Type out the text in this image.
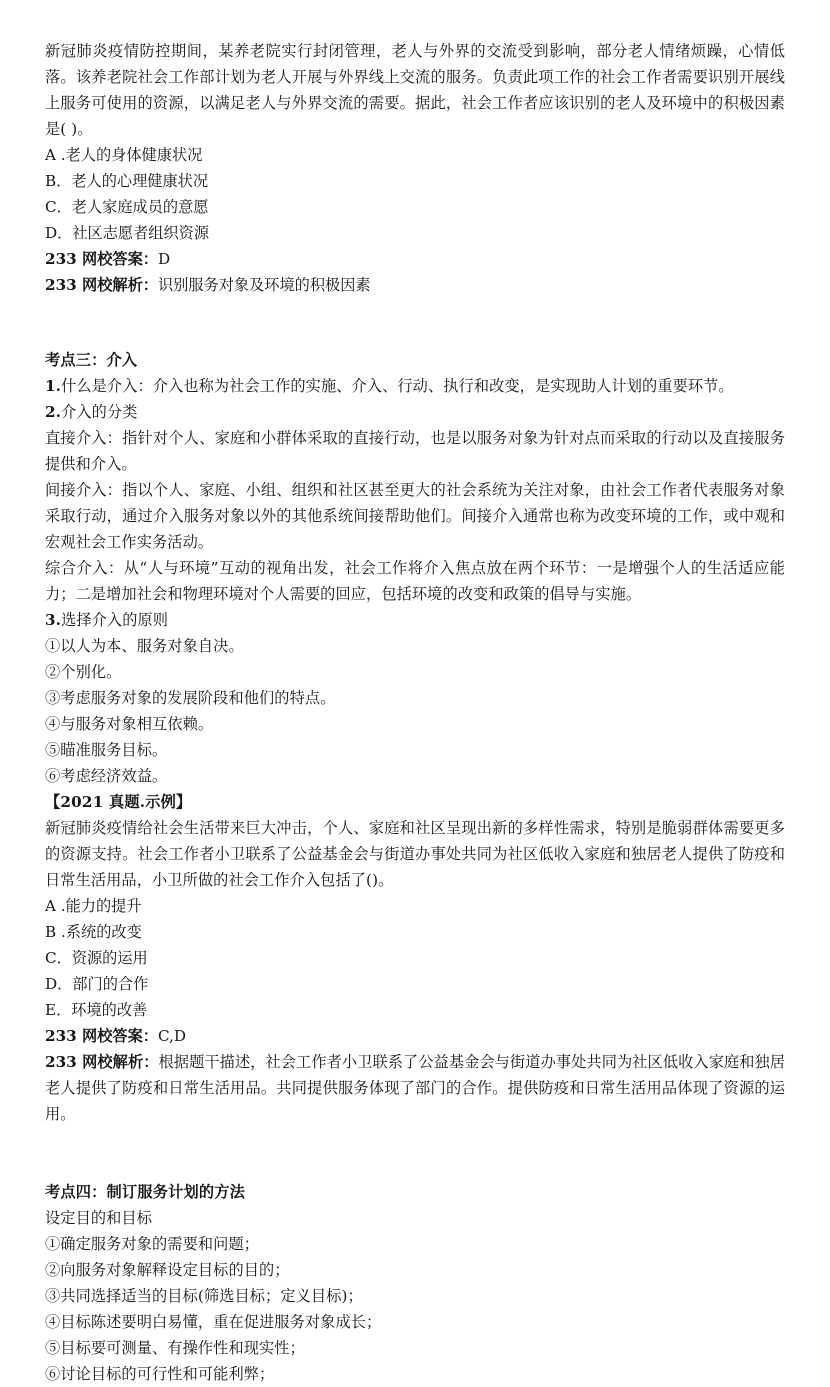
新冠肺炎疫情防控期间，某养老院实行封闭管理，老人与外界的交流受到影响，部分老人情绪烦躁，心情低落。该养老院社会工作部计划为老人开展与外界线上交流的服务。负责此项工作的社会工作者需要识别开展线上服务可使用的资源，以满足老人与外界交流的需要。据此，社会工作者应该识别的老人及环境中的积极因素是( )。

A .老人的身体健康状况

B．老人的心理健康状况

C．老人家庭成员的意愿

D．社区志愿者组织资源

233 网校答案：D

233 网校解析：识别服务对象及环境的积极因素

考点三：介入

1.什么是介入：介入也称为社会工作的实施、介入、行动、执行和改变，是实现助人计划的重要环节。

2.介入的分类

直接介入：指针对个人、家庭和小群体采取的直接行动，也是以服务对象为针对点而采取的行动以及直接服务提供和介入。

间接介入：指以个人、家庭、小组、组织和社区甚至更大的社会系统为关注对象，由社会工作者代表服务对象采取行动，通过介入服务对象以外的其他系统间接帮助他们。间接介入通常也称为改变环境的工作，或中观和宏观社会工作实务活动。

综合介入：从“人与环境”互动的视角出发，社会工作将介入焦点放在两个环节：一是增强个人的生活适应能力；二是增加社会和物理环境对个人需要的回应，包括环境的改变和政策的倡导与实施。

3.选择介入的原则

①以人为本、服务对象自决。

②个别化。

③考虑服务对象的发展阶段和他们的特点。

④与服务对象相互依赖。

⑤瞄准服务目标。

⑥考虑经济效益。

【2021 真题.示例】

新冠肺炎疫情给社会生活带来巨大冲击，个人、家庭和社区呈现出新的多样性需求，特别是脆弱群体需要更多的资源支持。社会工作者小卫联系了公益基金会与街道办事处共同为社区低收入家庭和独居老人提供了防疫和日常生活用品，小卫所做的社会工作介入包括了()。

A .能力的提升

B .系统的改变

C．资源的运用

D．部门的合作

E．环境的改善

233 网校答案：C,D

233 网校解析：根据题干描述，社会工作者小卫联系了公益基金会与街道办事处共同为社区低收入家庭和独居老人提供了防疫和日常生活用品。共同提供服务体现了部门的合作。提供防疫和日常生活用品体现了资源的运用。

考点四：制订服务计划的方法

设定目的和目标

①确定服务对象的需要和问题；

②向服务对象解释设定目标的目的；

③共同选择适当的目标(筛选目标；定义目标)；

④目标陈述要明白易懂，重在促进服务对象成长；

⑤目标要可测量、有操作性和现实性；

⑥讨论目标的可行性和可能利弊；
